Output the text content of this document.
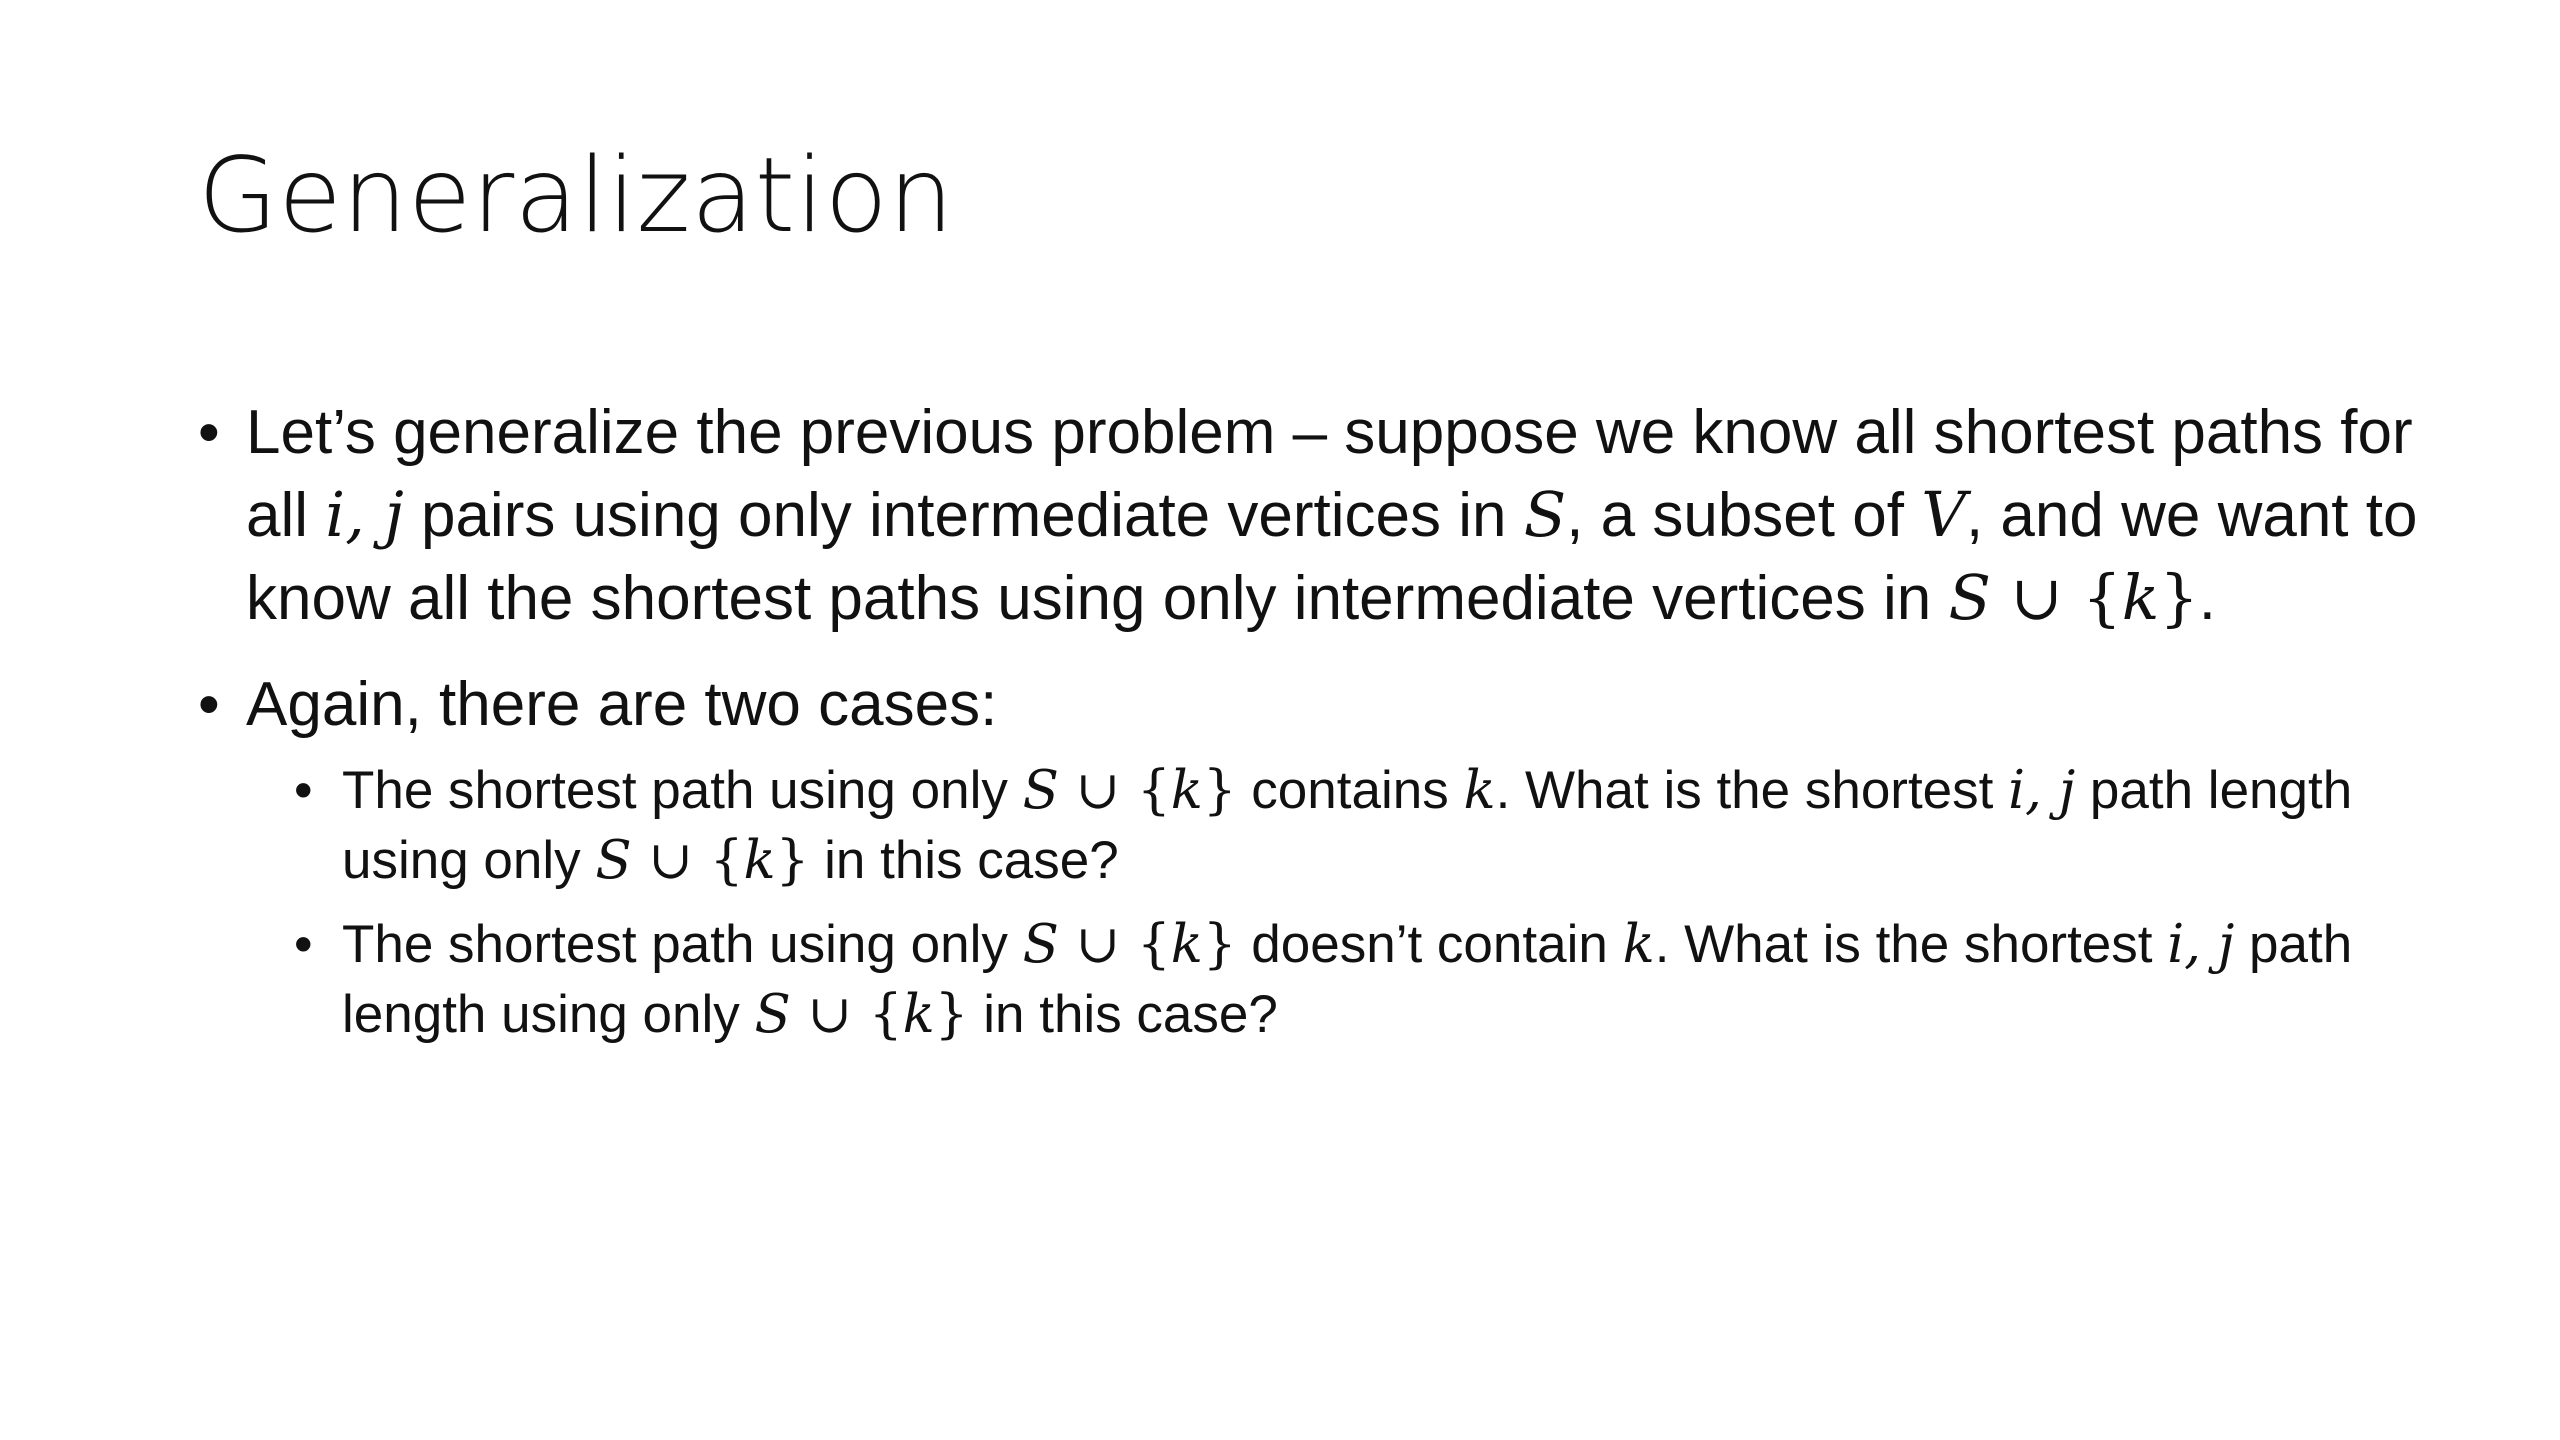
Generalization
• Let’s generalize the previous problem – suppose we know all shortest paths for all i, j pairs using only intermediate vertices in S, a subset of V, and we want to know all the shortest paths using only intermediate vertices in S ∪ {k}.
• Again, there are two cases:
• The shortest path using only S ∪ {k} contains k. What is the shortest i, j path length using only S ∪ {k} in this case?
• The shortest path using only S ∪ {k} doesn’t contain k. What is the shortest i, j path length using only S ∪ {k} in this case?
